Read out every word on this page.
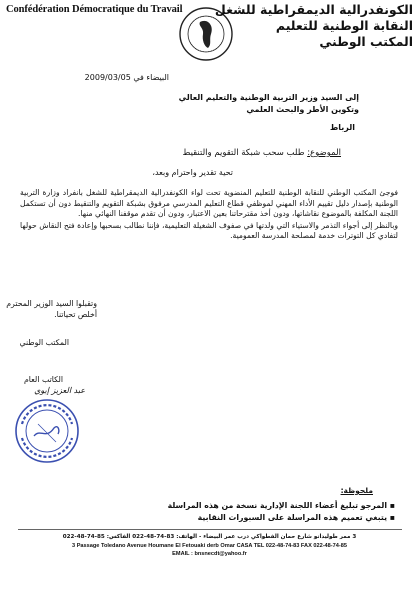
Confédération Démocratique du Travail	الكونفدرالية الديمقراطية للشغل
النقابة الوطنية للتعليم
المكتب الوطني
البيضاء في 2009/03/05
إلى السيد وزير التربية الوطنية والتعليم العالي
وتكوين الأطر والبحث العلمي
الرباط
الموضوع: طلب سحب شبكة التقويم والتنقيط
تحية تقدير واحترام وبعد،

فوجئ المكتب الوطني للنقابة الوطنية للتعليم المنضوية تحت لواء الكونفدرالية الديمقراطية للشغل بانفراد وزارة التربية الوطنية بإصدار دليل تقييم الأداء المهني لموظفي قطاع التعليم المدرسي مرفوق بشبكة التقويم والتنقيط دون أن تستكمل اللجنة المكلفة بالموضوع نقاشاتها، ودون أخذ مقترحاتنا بعين الاعتبار، ودون أن تقدم موقفنا النهائي منها.

وبالنظر إلى أجواء التذمر والاستياء التي ولدتها في صفوف الشغيلة التعليمية، فإننا نطالب بسحبها وإعادة فتح النقاش حولها لتفادي كل التوترات خدمة لمصلحة المدرسة العمومية.

وتقبلوا السيد الوزير المحترم
أخلص تحياتنا.
المكتب الوطني
الكاتب العام
عبد العزيز إيوي
ملحوظة:
▪ المرجو تبليغ أعضاء اللجنة الإدارية نسخة من هذه المراسلة
▪ يتبغي تعميم هذه المراسلة على السبورات النقابية
3 ممر طوليدانو شارع حمان الفطواكي درب عمر البيضاء - الهاتف: 83-74-48-022 الفاكس: 85-74-48-022
3 Passage Toledano Avenue Houmane El Fetouaki derb Omar CASA TEL 022-48-74-83 FAX 022-48-74-85
EMAIL : bnsnecdt@yahoo.fr
